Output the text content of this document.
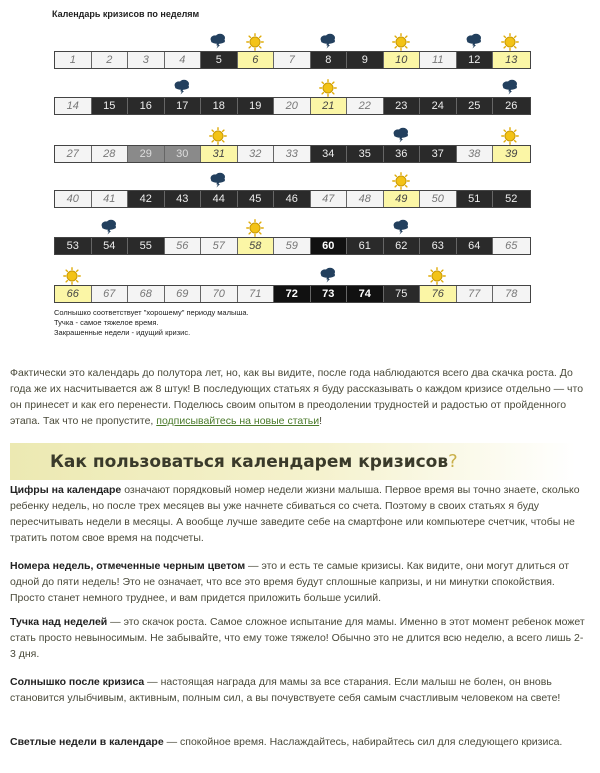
Календарь кризисов по неделям
1	2	3	4	5	6	7	8	9	10	11	12	13
14	15	16	17	18	19	20	21	22	23	24	25	26
27	28	29	30	31	32	33	34	35	36	37	38	39
40	41	42	43	44	45	46	47	48	49	50	51	52
53	54	55	56	57	58	59	60	61	62	63	64	65
66	67	68	69	70	71	72	73	74	75	76	77	78
Солнышко соответствует "хорошему" периоду малыша.
Тучка - самое тяжелое время.
Закрашенные недели - идущий кризис.
Фактически это календарь до полутора лет, но, как вы видите, после года наблюдаются всего два скачка роста. До года же их насчитывается аж 8 штук! В последующих статьях я буду рассказывать о каждом кризисе отдельно — что он принесет и как его перенести. Поделюсь своим опытом в преодолении трудностей и радостью от пройденного этапа. Так что не пропустите, подписывайтесь на новые статьи!
Как пользоваться календарем кризисов?
Цифры на календаре означают порядковый номер недели жизни малыша. Первое время вы точно знаете, сколько ребенку недель, но после трех месяцев вы уже начнете сбиваться со счета. Поэтому в своих статьях я буду пересчитывать недели в месяцы. А вообще лучше заведите себе на смартфоне или компьютере счетчик, чтобы не тратить потом свое время на подсчеты.
Номера недель, отмеченные черным цветом — это и есть те самые кризисы. Как видите, они могут длиться от одной до пяти недель! Это не означает, что все это время будут сплошные капризы, и ни минутки спокойствия. Просто станет немного труднее, и вам придется приложить больше усилий.
Тучка над неделей — это скачок роста. Самое сложное испытание для мамы. Именно в этот момент ребенок может стать просто невыносимым. Не забывайте, что ему тоже тяжело! Обычно это не длится всю неделю, а всего лишь 2-3 дня.
Солнышко после кризиса — настоящая награда для мамы за все старания. Если малыш не болен, он вновь становится улыбчивым, активным, полным сил, а вы почувствуете себя самым счастливым человеком на свете!
Светлые недели в календаре — спокойное время. Наслаждайтесь, набирайтесь сил для следующего кризиса.
